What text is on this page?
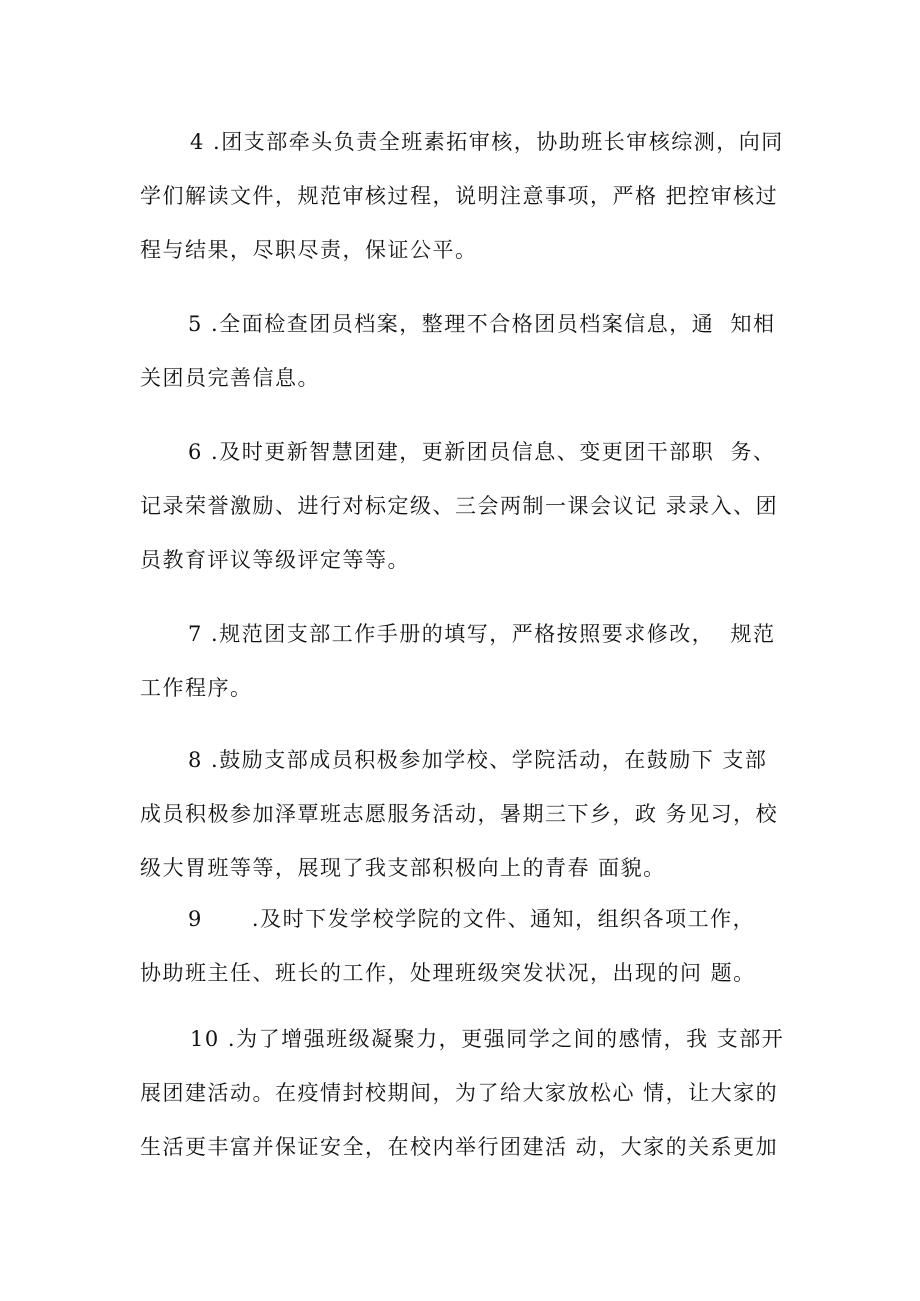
4 .团支部牵头负责全班素拓审核，协助班长审核综测，向同
学们解读文件，规范审核过程，说明注意事项，严格 把控审核过
程与结果，尽职尽责，保证公平。
5 .全面检查团员档案，整理不合格团员档案信息，通  知相
关团员完善信息。
6 .及时更新智慧团建，更新团员信息、变更团干部职  务、
记录荣誉激励、进行对标定级、三会两制一课会议记 录录入、团
员教育评议等级评定等等。
7 .规范团支部工作手册的填写，严格按照要求修改，  规范
工作程序。
8 .鼓励支部成员积极参加学校、学院活动，在鼓励下 支部
成员积极参加泽覃班志愿服务活动，暑期三下乡，政 务见习，校
级大胃班等等，展现了我支部积极向上的青春 面貌。
9      .及时下发学校学院的文件、通知，组织各项工作，
协助班主任、班长的工作，处理班级突发状况，出现的问 题。
10 .为了增强班级凝聚力，更强同学之间的感情，我 支部开
展团建活动。在疫情封校期间，为了给大家放松心 情，让大家的
生活更丰富并保证安全，在校内举行团建活 动，大家的关系更加
